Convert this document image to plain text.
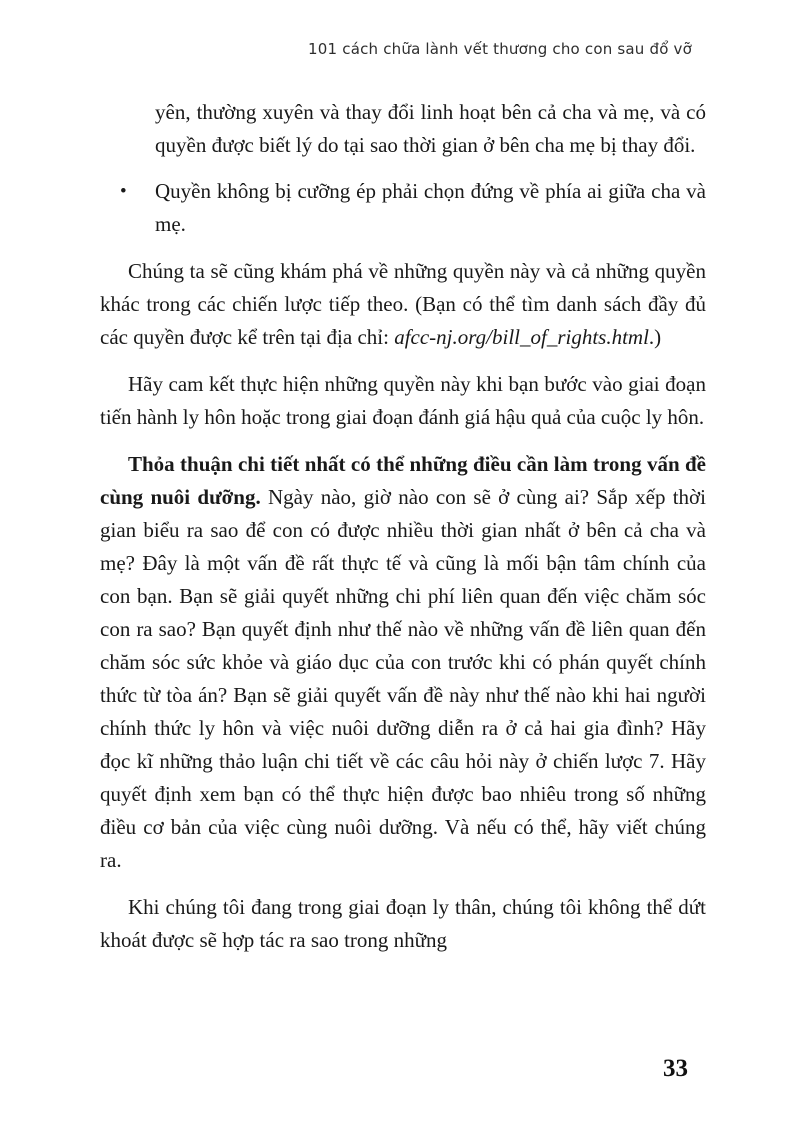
101 cách chữa lành vết thương cho con sau đổ vỡ
yên, thường xuyên và thay đổi linh hoạt bên cả cha và mẹ, và có quyền được biết lý do tại sao thời gian ở bên cha mẹ bị thay đổi.
•	Quyền không bị cưỡng ép phải chọn đứng về phía ai giữa cha và mẹ.

Chúng ta sẽ cũng khám phá về những quyền này và cả những quyền khác trong các chiến lược tiếp theo. (Bạn có thể tìm danh sách đầy đủ các quyền được kể trên tại địa chỉ: afcc-nj.org/bill_of_rights.html.)

Hãy cam kết thực hiện những quyền này khi bạn bước vào giai đoạn tiến hành ly hôn hoặc trong giai đoạn đánh giá hậu quả của cuộc ly hôn.

Thỏa thuận chi tiết nhất có thể những điều cần làm trong vấn đề cùng nuôi dưỡng. Ngày nào, giờ nào con sẽ ở cùng ai? Sắp xếp thời gian biểu ra sao để con có được nhiều thời gian nhất ở bên cả cha và mẹ? Đây là một vấn đề rất thực tế và cũng là mối bận tâm chính của con bạn. Bạn sẽ giải quyết những chi phí liên quan đến việc chăm sóc con ra sao? Bạn quyết định như thế nào về những vấn đề liên quan đến chăm sóc sức khỏe và giáo dục của con trước khi có phán quyết chính thức từ tòa án? Bạn sẽ giải quyết vấn đề này như thế nào khi hai người chính thức ly hôn và việc nuôi dưỡng diễn ra ở cả hai gia đình? Hãy đọc kĩ những thảo luận chi tiết về các câu hỏi này ở chiến lược 7. Hãy quyết định xem bạn có thể thực hiện được bao nhiêu trong số những điều cơ bản của việc cùng nuôi dưỡng. Và nếu có thể, hãy viết chúng ra.

Khi chúng tôi đang trong giai đoạn ly thân, chúng tôi không thể dứt khoát được sẽ hợp tác ra sao trong những

33
